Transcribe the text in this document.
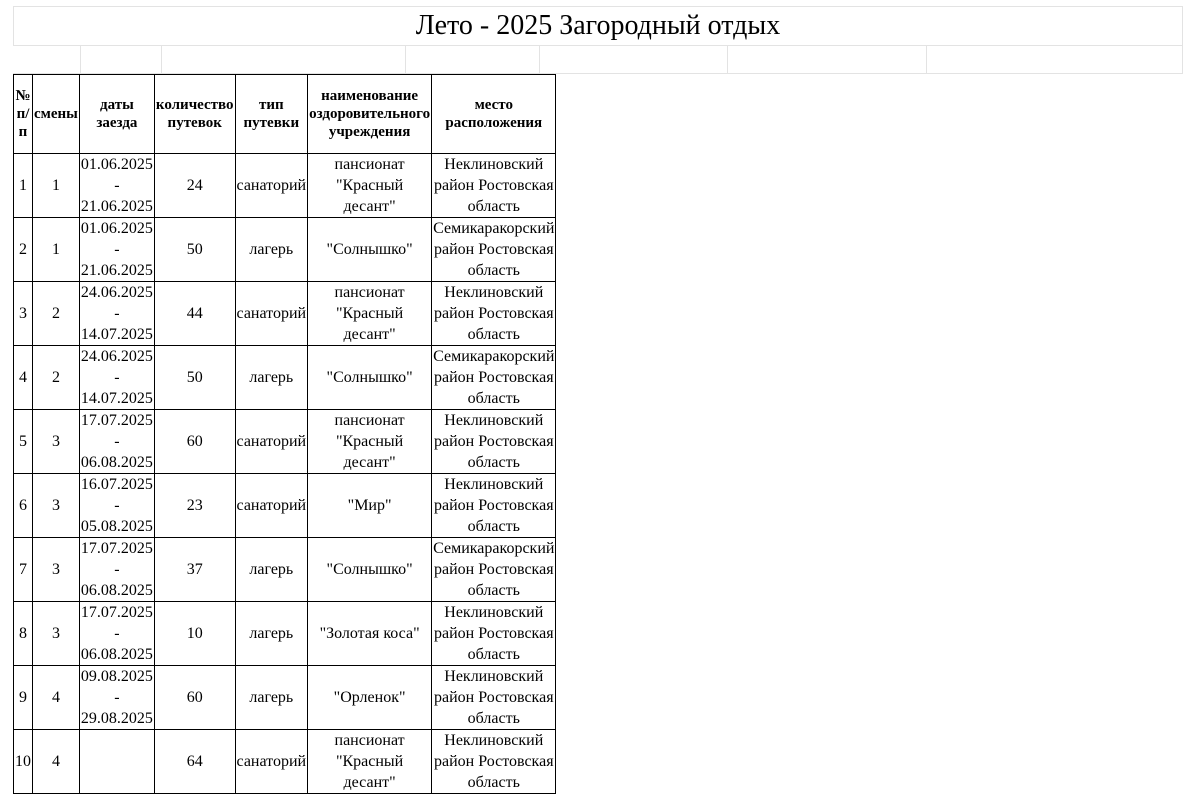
Лето - 2025 Загородный отдых
№ п/п	смены	даты заезда	количество путевок	тип путевки	наименование оздоровительного учреждения	место расположения
1	1	01.06.2025 - 21.06.2025	24	санаторий	пансионат "Красный десант"	Неклиновский район Ростовская область
2	1	01.06.2025 - 21.06.2025	50	лагерь	"Солнышко"	Семикаракорский район Ростовская область
3	2	24.06.2025 - 14.07.2025	44	санаторий	пансионат "Красный десант"	Неклиновский район Ростовская область
4	2	24.06.2025 - 14.07.2025	50	лагерь	"Солнышко"	Семикаракорский район Ростовская область
5	3	17.07.2025 - 06.08.2025	60	санаторий	пансионат "Красный десант"	Неклиновский район Ростовская область
6	3	16.07.2025 - 05.08.2025	23	санаторий	"Мир"	Неклиновский район Ростовская область
7	3	17.07.2025 - 06.08.2025	37	лагерь	"Солнышко"	Семикаракорский район Ростовская область
8	3	17.07.2025 - 06.08.2025	10	лагерь	"Золотая коса"	Неклиновский район Ростовская область
9	4	09.08.2025 - 29.08.2025	60	лагерь	"Орленок"	Неклиновский район Ростовская область
10	4		64	санаторий	пансионат "Красный десант"	Неклиновский район Ростовская область
